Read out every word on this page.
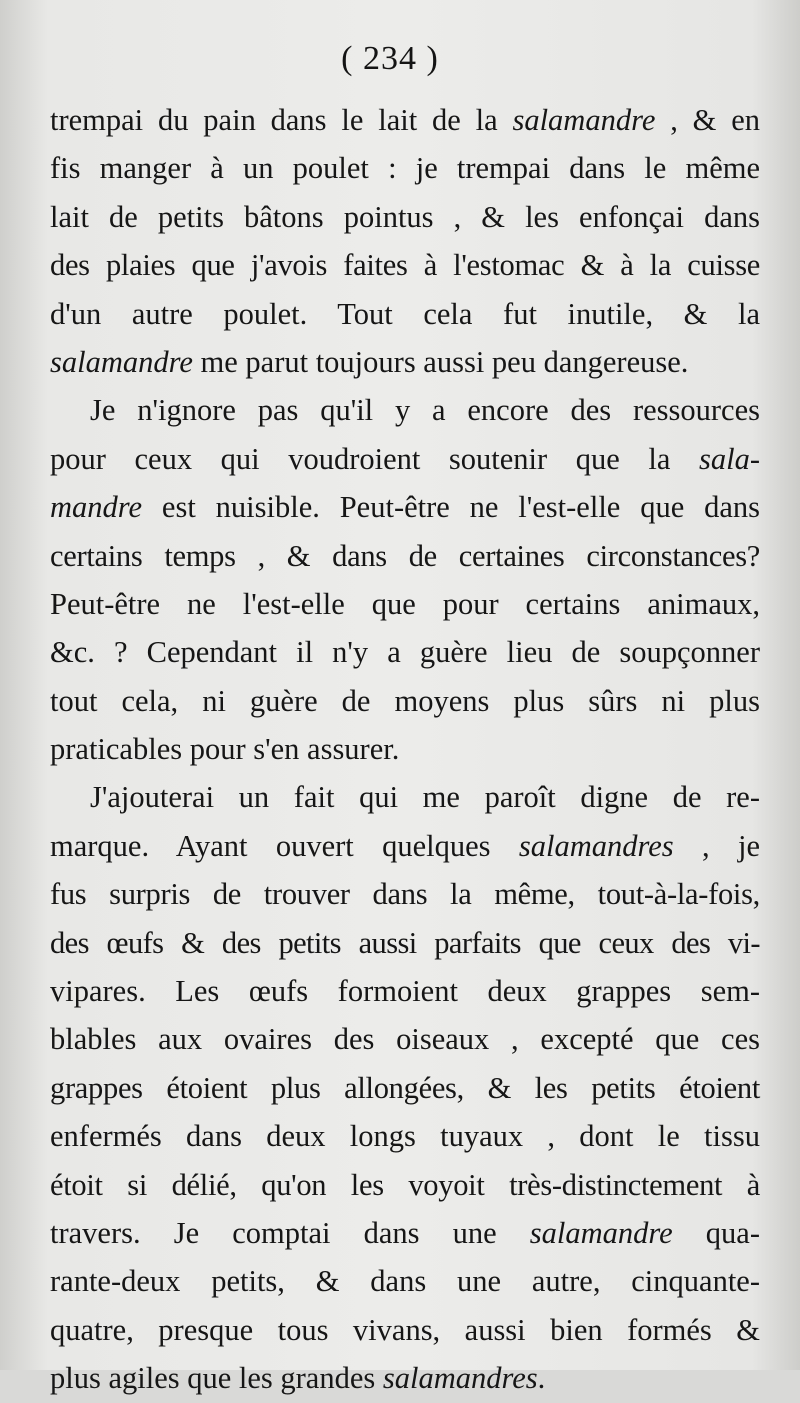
( 234 )
trempai du pain dans le lait de la salamandre , & en
fis manger à un poulet : je trempai dans le même
lait de petits bâtons pointus , & les enfonçai dans
des plaies que j'avois faites à l'estomac & à la cuisse
d'un autre poulet. Tout cela fut inutile, & la
salamandre me parut toujours aussi peu dangereuse.
Je n'ignore pas qu'il y a encore des ressources
pour ceux qui voudroient soutenir que la sala-
mandre est nuisible. Peut-être ne l'est-elle que dans
certains temps , & dans de certaines circonstances?
Peut-être ne l'est-elle que pour certains animaux,
&c. ? Cependant il n'y a guère lieu de soupçonner
tout cela, ni guère de moyens plus sûrs ni plus
praticables pour s'en assurer.
J'ajouterai un fait qui me paroît digne de re-
marque. Ayant ouvert quelques salamandres , je
fus surpris de trouver dans la même, tout-à-la-fois,
des œufs & des petits aussi parfaits que ceux des vi-
vipares. Les œufs formoient deux grappes sem-
blables aux ovaires des oiseaux , excepté que ces
grappes étoient plus allongées, & les petits étoient
enfermés dans deux longs tuyaux , dont le tissu
étoit si délié, qu'on les voyoit très-distinctement à
travers. Je comptai dans une salamandre qua-
rante-deux petits, & dans une autre, cinquante-
quatre, presque tous vivans, aussi bien formés &
plus agiles que les grandes salamandres.
